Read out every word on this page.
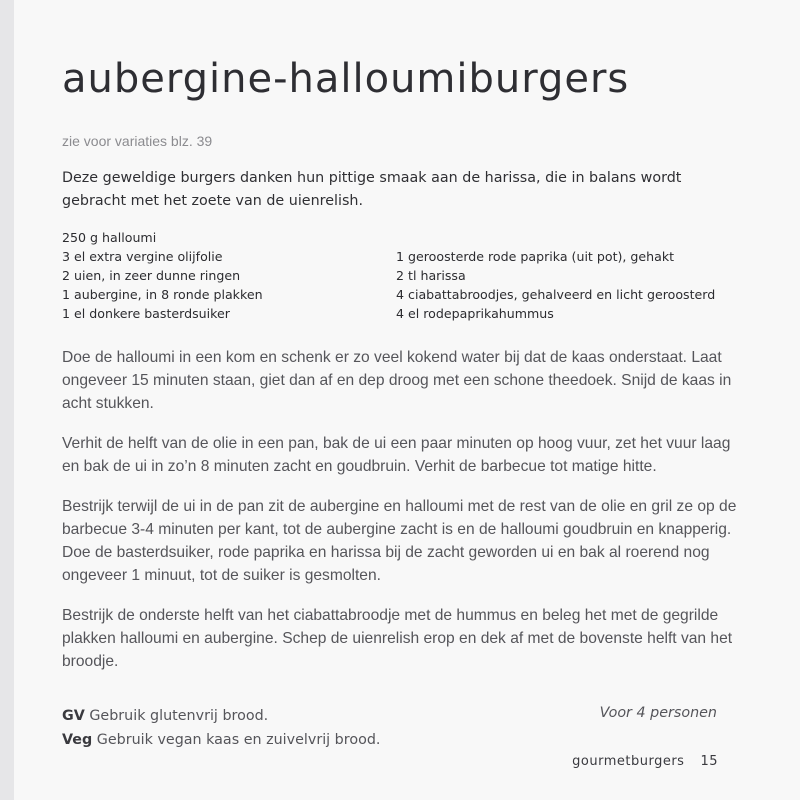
aubergine-halloumiburgers
zie voor variaties blz. 39

Deze geweldige burgers danken hun pittige smaak aan de harissa, die in balans wordt gebracht met het zoete van de uienrelish.

250 g halloumi
3 el extra vergine olijfolie
2 uien, in zeer dunne ringen
1 aubergine, in 8 ronde plakken
1 el donkere basterdsuiker
1 geroosterde rode paprika (uit pot), gehakt
2 tl harissa
4 ciabattabroodjes, gehalveerd en licht geroosterd
4 el rodepaprikahummus

Doe de halloumi in een kom en schenk er zo veel kokend water bij dat de kaas onderstaat. Laat ongeveer 15 minuten staan, giet dan af en dep droog met een schone theedoek. Snijd de kaas in acht stukken.

Verhit de helft van de olie in een pan, bak de ui een paar minuten op hoog vuur, zet het vuur laag en bak de ui in zo’n 8 minuten zacht en goudbruin. Verhit de barbecue tot matige hitte.

Bestrijk terwijl de ui in de pan zit de aubergine en halloumi met de rest van de olie en gril ze op de barbecue 3-4 minuten per kant, tot de aubergine zacht is en de halloumi goudbruin en knapperig. Doe de basterdsuiker, rode paprika en harissa bij de zacht geworden ui en bak al roerend nog ongeveer 1 minuut, tot de suiker is gesmolten.

Bestrijk de onderste helft van het ciabattabroodje met de hummus en beleg het met de gegrilde plakken halloumi en aubergine. Schep de uienrelish erop en dek af met de bovenste helft van het broodje.

GV Gebruik glutenvrij brood.
Veg Gebruik vegan kaas en zuivelvrij brood.
Voor 4 personen
gourmetburgers 15
